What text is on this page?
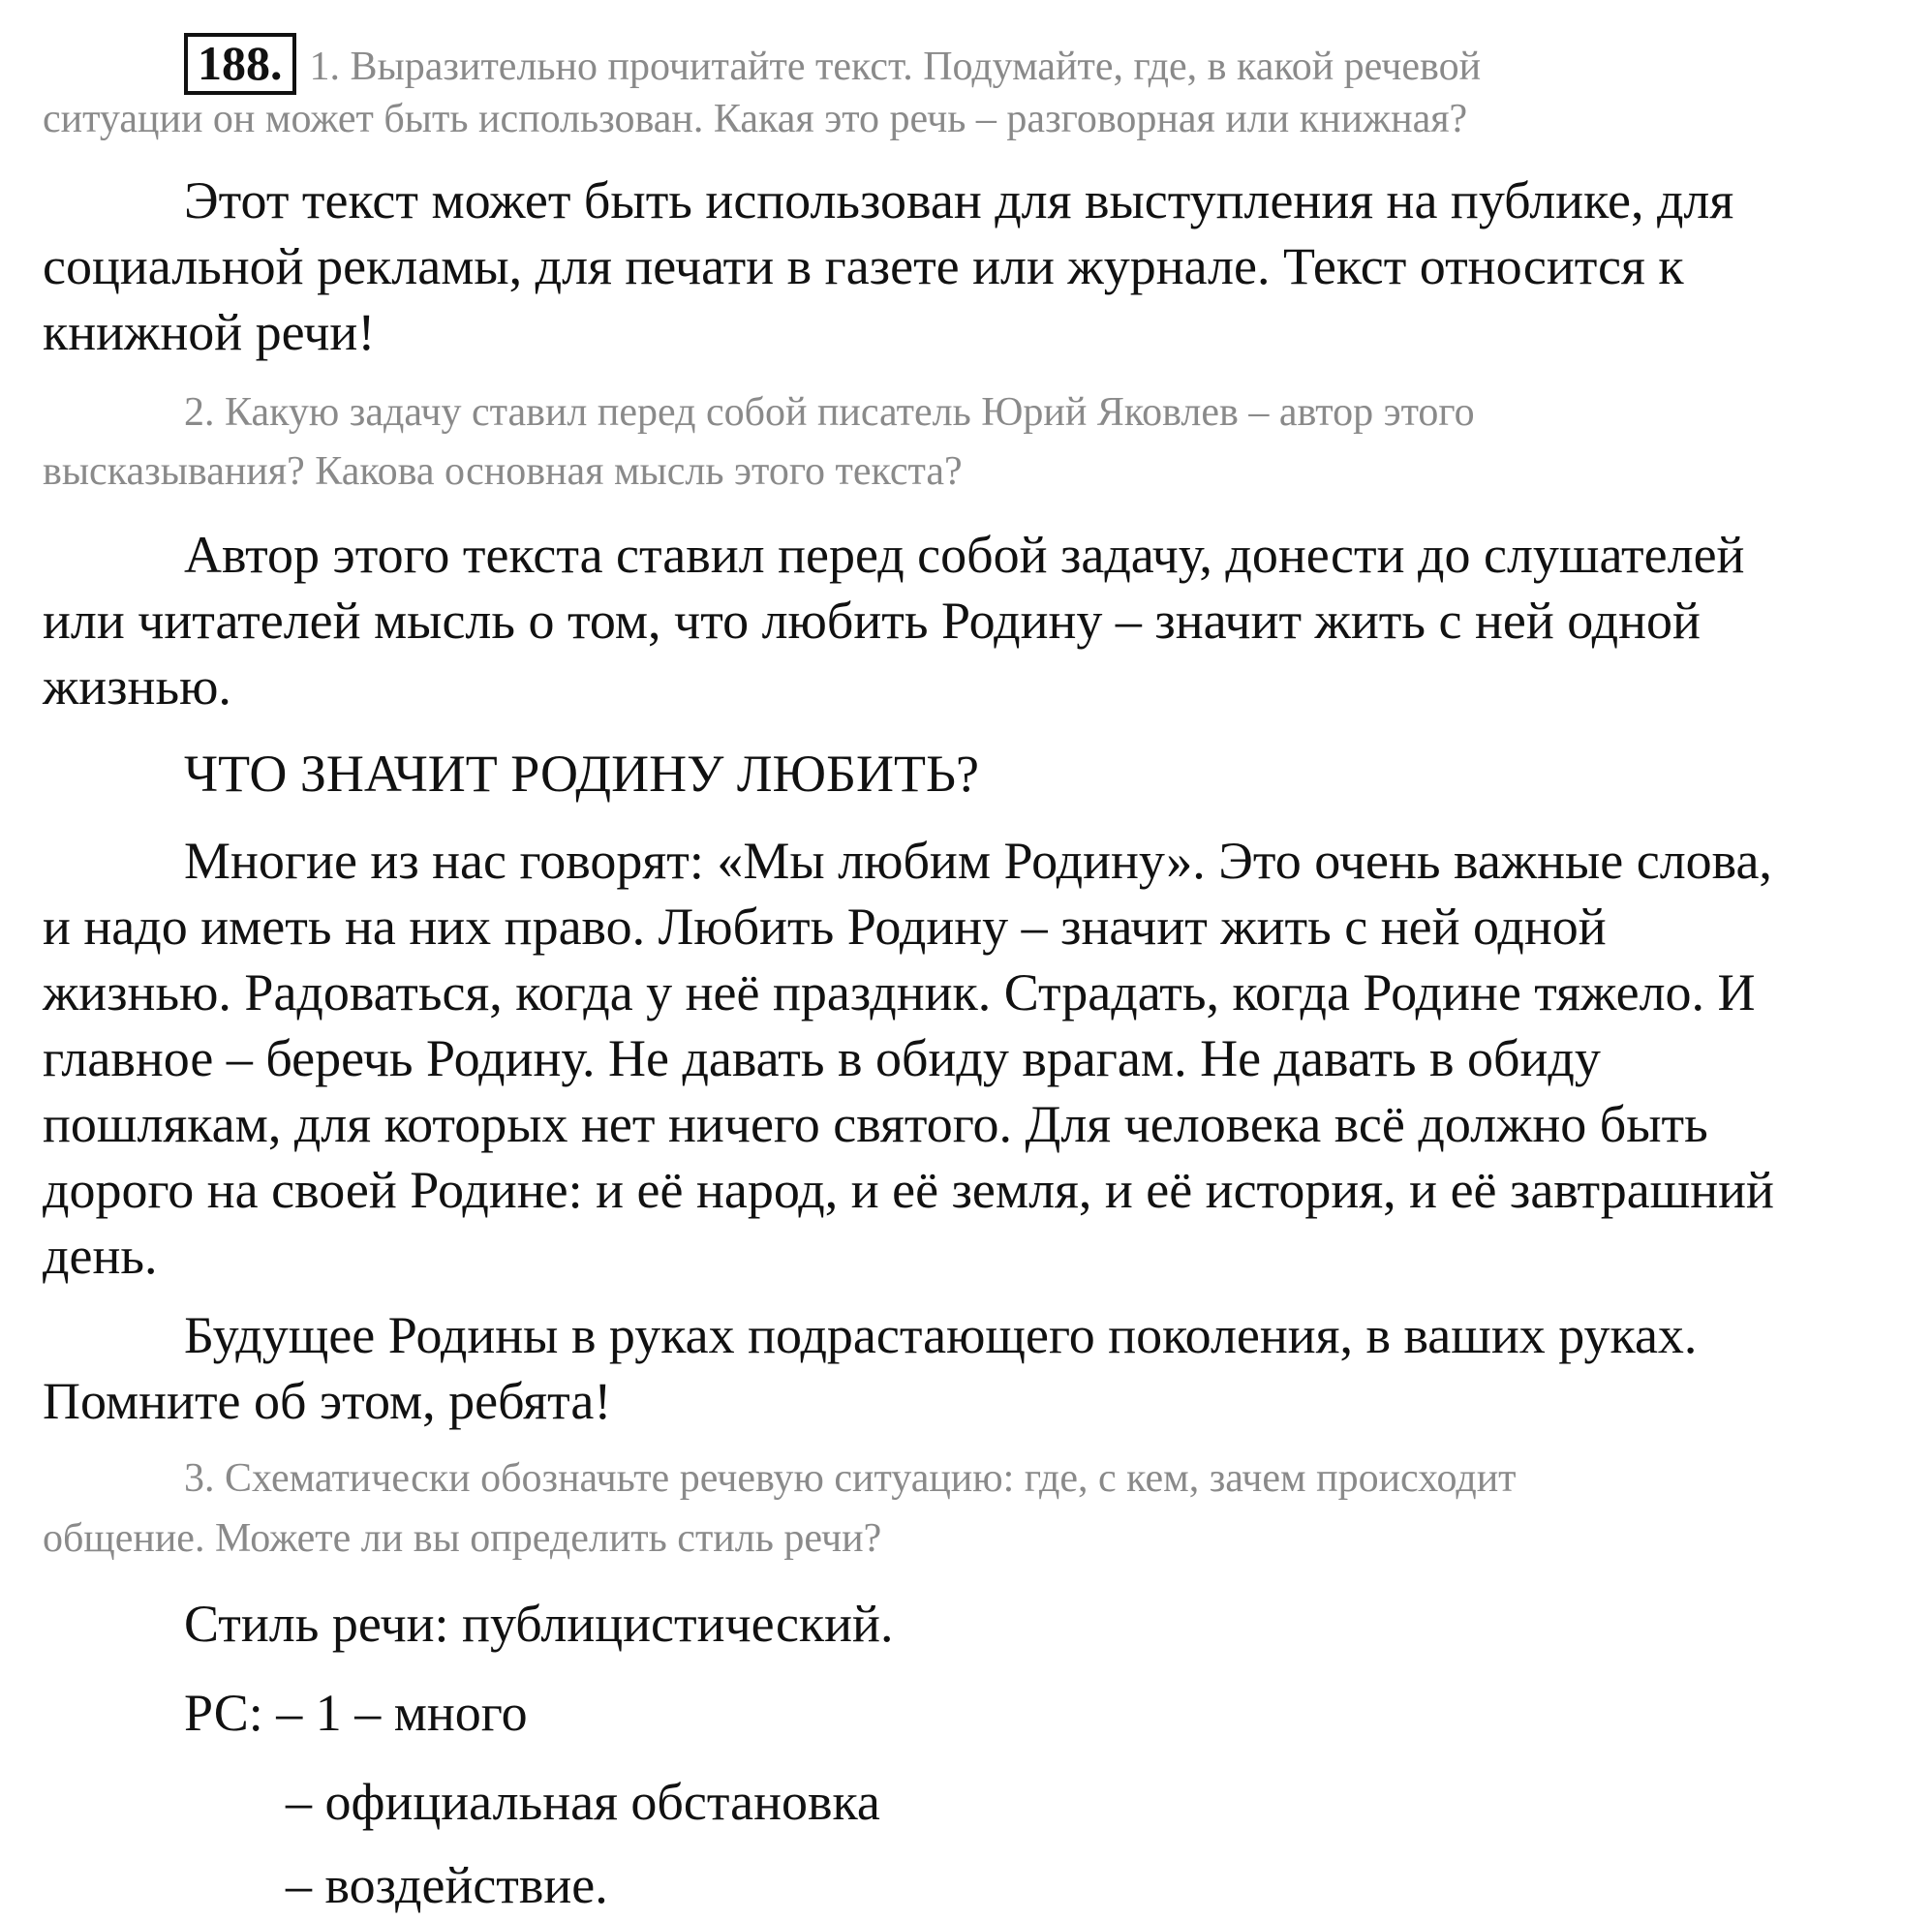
188. 1. Выразительно прочитайте текст. Подумайте, где, в какой речевой
ситуации он может быть использован. Какая это речь – разговорная или книжная?
Этот текст может быть использован для выступления на публике, для
социальной рекламы, для печати в газете или журнале. Текст относится к
книжной речи!
2. Какую задачу ставил перед собой писатель Юрий Яковлев – автор этого
высказывания? Какова основная мысль этого текста?
Автор этого текста ставил перед собой задачу, донести до слушателей
или читателей мысль о том, что любить Родину – значит жить с ней одной
жизнью.
ЧТО ЗНАЧИТ РОДИНУ ЛЮБИТЬ?
Многие из нас говорят: «Мы любим Родину». Это очень важные слова,
и надо иметь на них право. Любить Родину – значит жить с ней одной
жизнью. Радоваться, когда у неё праздник. Страдать, когда Родине тяжело. И
главное – беречь Родину. Не давать в обиду врагам. Не давать в обиду
пошлякам, для которых нет ничего святого. Для человека всё должно быть
дорого на своей Родине: и её народ, и её земля, и её история, и её завтрашний
день.
Будущее Родины в руках подрастающего поколения, в ваших руках.
Помните об этом, ребята!
3. Схематически обозначьте речевую ситуацию: где, с кем, зачем происходит
общение. Можете ли вы определить стиль речи?
Стиль речи: публицистический.
РС: – 1 – много
– официальная обстановка
– воздействие.
